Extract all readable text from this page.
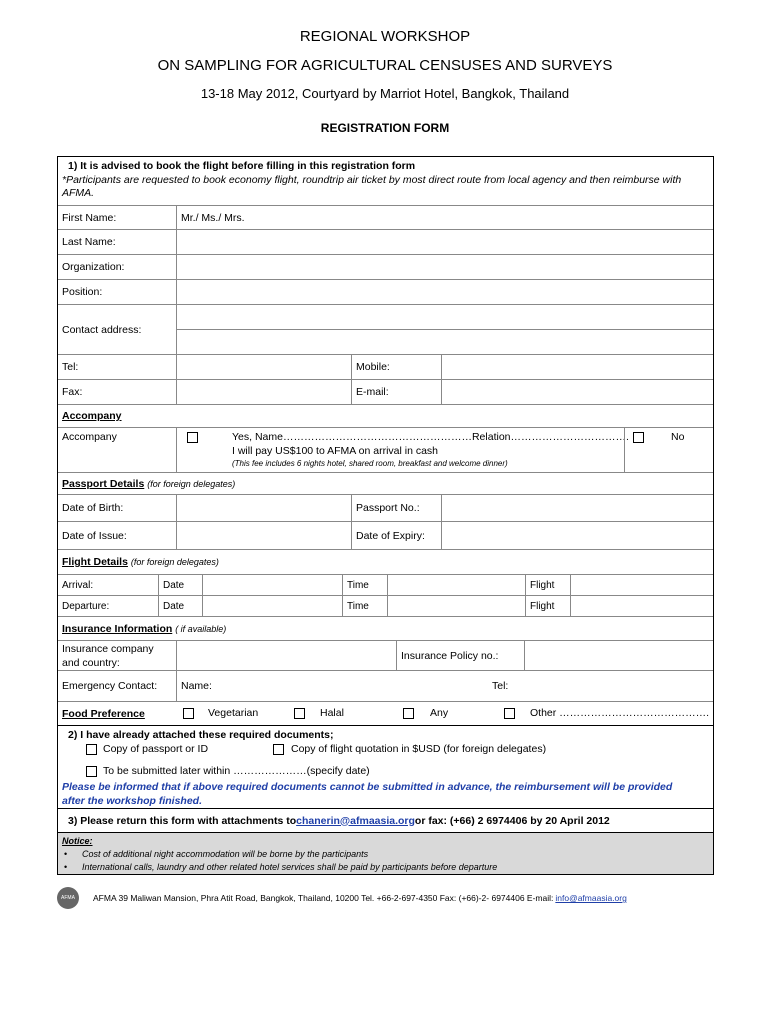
REGIONAL WORKSHOP
ON SAMPLING FOR AGRICULTURAL CENSUSES AND SURVEYS
13-18 May 2012, Courtyard by Marriot Hotel, Bangkok, Thailand
REGISTRATION FORM
1) It is advised to book the flight before filling in this registration form
*Participants are requested to book economy flight, roundtrip air ticket by most direct route from local agency and then reimburse with AFMA.
First Name:	Mr./ Ms./ Mrs.
Last Name:
Organization:
Position:
Contact address:
Tel:	Mobile:
Fax:	E-mail:
Accompany
Accompany	Yes, Name………………………………………………Relation…………………………….
I will pay US$100 to AFMA on arrival in cash
(This fee includes 6 nights hotel, shared room, breakfast and welcome dinner)
No
Passport Details
(for foreign delegates)
Date of Birth:	Passport No.:
Date of Issue:	Date of Expiry:
Flight Details
(for foreign delegates)
Arrival:	Date	Time	Flight
Departure:	Date	Time	Flight
Insurance Information
( if available)
Insurance company and country:
Insurance Policy no.:
Emergency Contact:	Name:	Tel:
Food Preference	Vegetarian	Halal	Any	Other …………………………………….
2) I have already attached these required documents;
Copy of passport or ID	Copy of flight quotation in $USD (for foreign delegates)
To be submitted later within …………………(specify date)
Please be informed that if above required documents cannot be submitted in advance, the reimbursement will be provided after the workshop finished.
3) Please return this form with attachments to chanerin@afmaasia.org or fax: (+66) 2 6974406 by 20 April 2012
Notice:
• Cost of additional night accommodation will be borne by the participants
• International calls, laundry and other related hotel services shall be paid by participants before departure
AFMA	AFMA 39 Maliwan Mansion, Phra Atit Road, Bangkok, Thailand, 10200 Tel. +66-2-697-4350 Fax: (+66)-2- 6974406 E-mail: info@afmaasia.org
